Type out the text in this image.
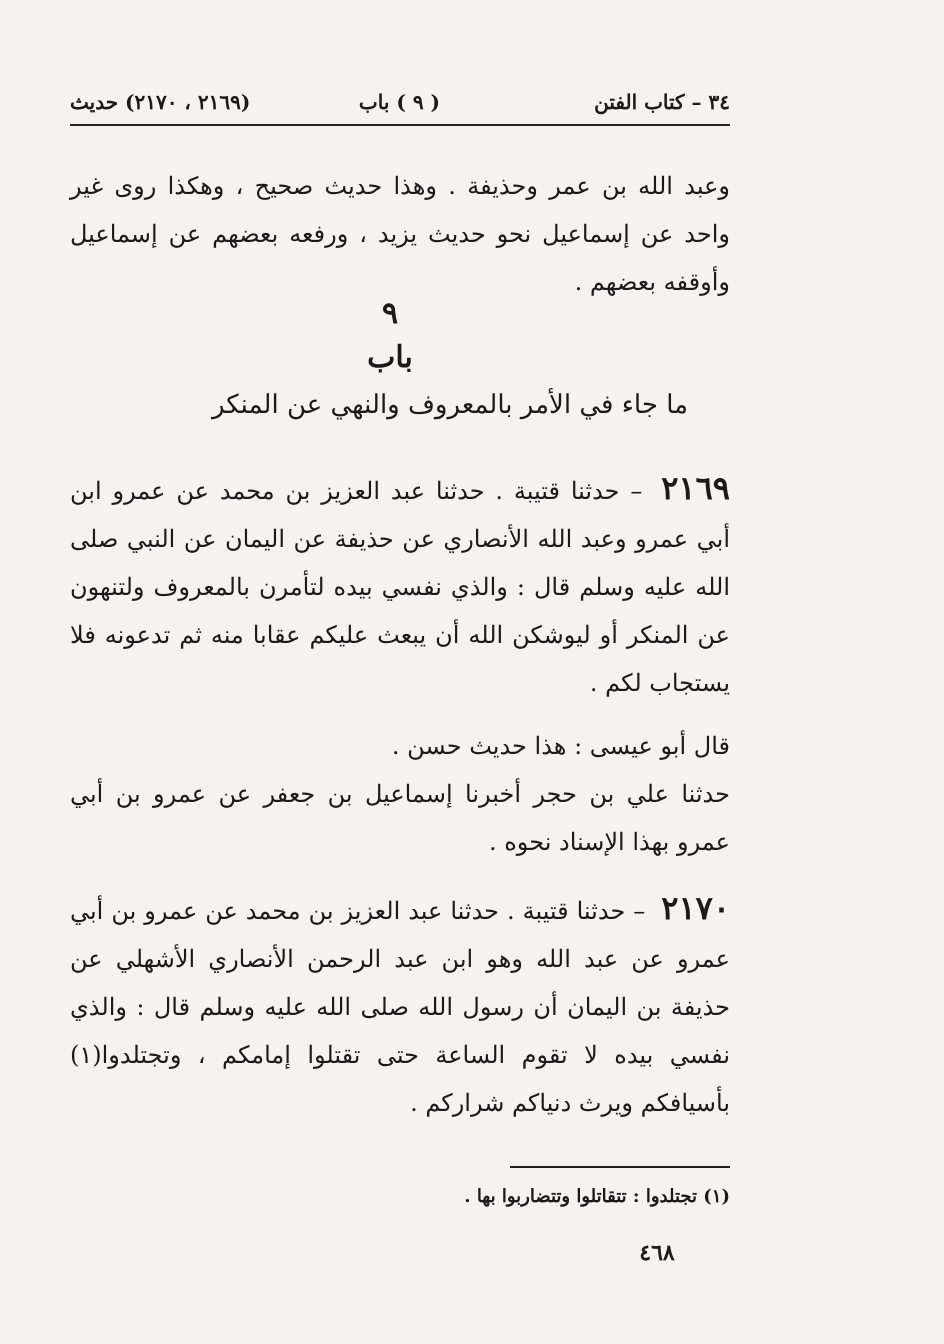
٣٤ – كتاب الفتن
( ٩ ) باب
(٢١٦٩ ، ٢١٧٠) حديث
وعبد الله بن عمر وحذيفة . وهذا حديث صحيح ، وهكذا روى غير واحد عن إسماعيل نحو حديث يزيد ، ورفعه بعضهم عن إسماعيل وأوقفه بعضهم .
٩
باب
ما جاء في الأمر بالمعروف والنهي عن المنكر
٢١٦٩ – حدثنا قتيبة . حدثنا عبد العزيز بن محمد عن عمرو ابن أبي عمرو وعبد الله الأنصاري عن حذيفة عن اليمان عن النبي صلى الله عليه وسلم قال : والذي نفسي بيده لتأمرن بالمعروف ولتنهون عن المنكر أو ليوشكن الله أن يبعث عليكم عقابا منه ثم تدعونه فلا يستجاب لكم .
قال أبو عيسى : هذا حديث حسن .
حدثنا علي بن حجر أخبرنا إسماعيل بن جعفر عن عمرو بن أبي عمرو بهذا الإسناد نحوه .
٢١٧٠ – حدثنا قتيبة . حدثنا عبد العزيز بن محمد عن عمرو بن أبي عمرو عن عبد الله وهو ابن عبد الرحمن الأنصاري الأشهلي عن حذيفة بن اليمان أن رسول الله صلى الله عليه وسلم قال : والذي نفسي بيده لا تقوم الساعة حتى تقتلوا إمامكم ، وتجتلدوا(١) بأسيافكم ويرث دنياكم شراركم .
(١) تجتلدوا : تتقاتلوا وتتضاربوا بها .
٤٦٨
